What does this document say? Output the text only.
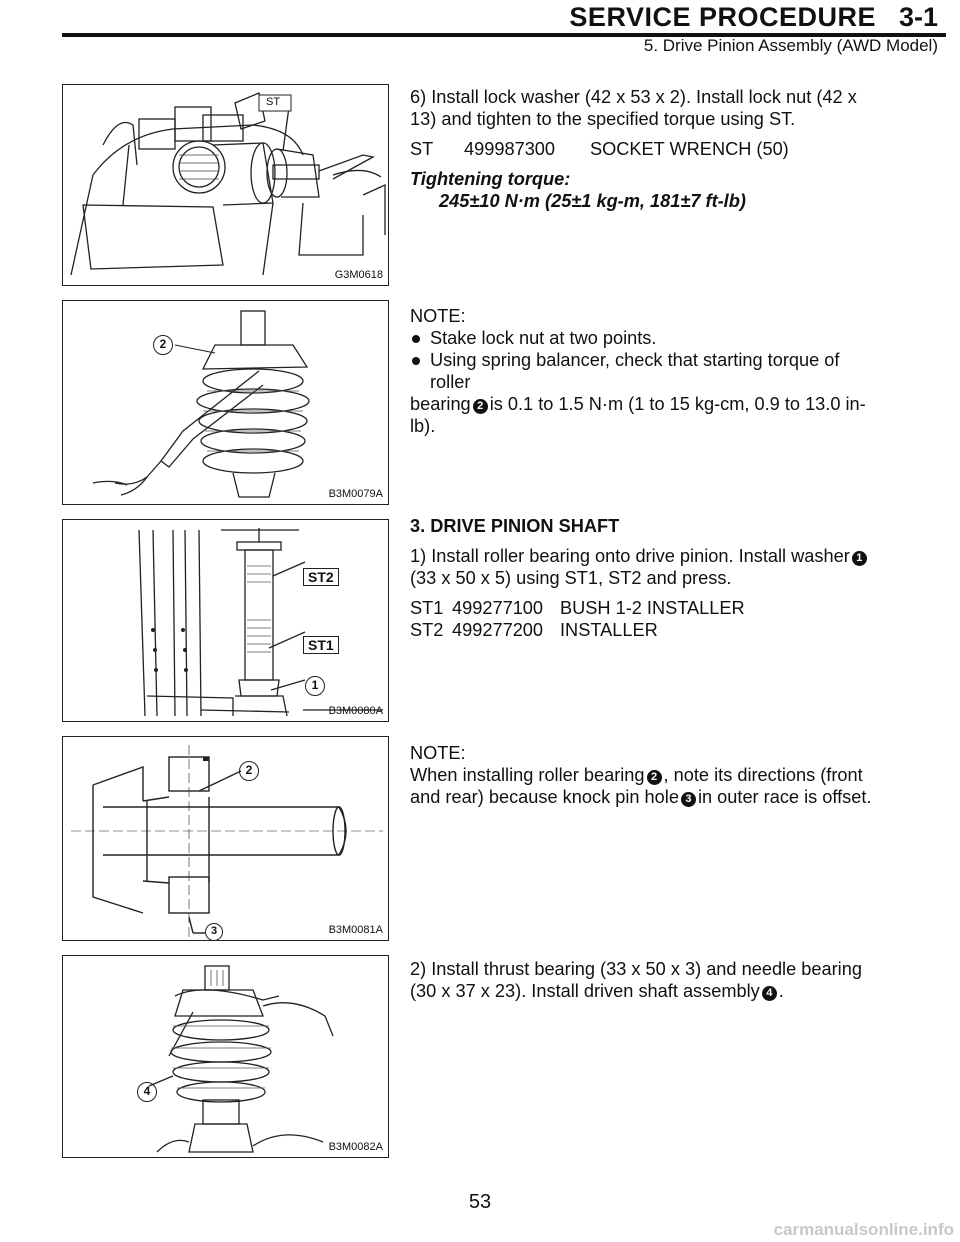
SERVICE PROCEDURE 3-1
5. Drive Pinion Assembly (AWD Model)
ST
G3M0618
2
B3M0079A
ST2
ST1
1
B3M0080A
2
3	B3M0081A
4
B3M0082A

6) Install lock washer (42 x 53 x 2). Install lock nut (42 x

13) and tighten to the specified torque using ST.

ST	499987300	SOCKET WRENCH (50)

Tightening torque:

245±10 N·m (25±1 kg-m, 181±7 ft-lb)

NOTE:

Stake lock nut at two points.
Using spring balancer, check that starting torque of roller
bearing 2 is 0.1 to 1.5 N·m (1 to 15 kg-cm, 0.9 to 13.0 in-
lb).

3. DRIVE PINION SHAFT

1) Install roller bearing onto drive pinion. Install washer 1

(33 x 50 x 5) using ST1, ST2 and press.

ST1 499277100 BUSH 1-2 INSTALLER
ST2 499277200 INSTALLER

NOTE:

When installing roller bearing 2 , note its directions (front
and rear) because knock pin hole 3 in outer race is offset.

2) Install thrust bearing (33 x 50 x 3) and needle bearing

(30 x 37 x 23). Install driven shaft assembly 4 .
53
carmanualsonline.info
